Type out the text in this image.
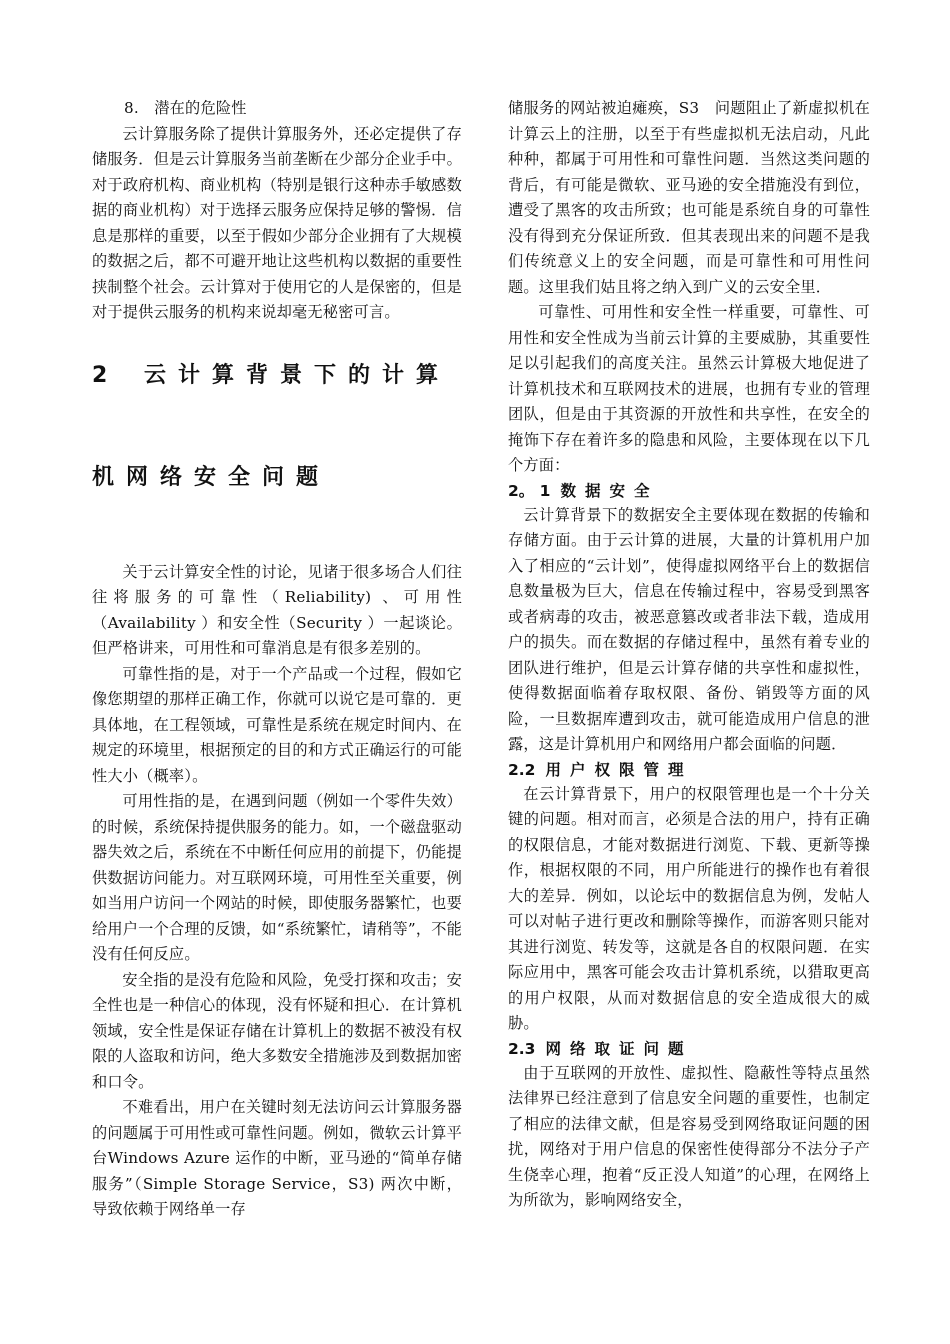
8.　潜在的危险性

云计算服务除了提供计算服务外，还必定提供了存储服务．但是云计算服务当前垄断在少部分企业手中。对于政府机构、商业机构（特别是银行这种赤手敏感数据的商业机构）对于选择云服务应保持足够的警惕．信息是那样的重要，以至于假如少部分企业拥有了大规模的数据之后，都不可避开地让这些机构以数据的重要性挟制整个社会。云计算对于使用它的人是保密的，但是对于提供云服务的机构来说却毫无秘密可言。

2 云计算背景下的计算

机网络安全问题

关于云计算安全性的讨论，见诸于很多场合人们往往将服务的可靠性（Reliability) 、可用性（Availability ）和安全性（Security ）一起谈论。但严格讲来，可用性和可靠消息是有很多差别的。

可靠性指的是，对于一个产品或一个过程，假如它像您期望的那样正确工作，你就可以说它是可靠的．更具体地，在工程领域，可靠性是系统在规定时间内、在规定的环境里，根据预定的目的和方式正确运行的可能性大小（概率）。

可用性指的是，在遇到问题（例如一个零件失效）的时候，系统保持提供服务的能力。如，一个磁盘驱动器失效之后，系统在不中断任何应用的前提下，仍能提供数据访问能力。对互联网环境，可用性至关重要，例如当用户访问一个网站的时候，即使服务器繁忙，也要给用户一个合理的反馈，如“系统繁忙，请稍等”，不能没有任何反应。

安全指的是没有危险和风险，免受打探和攻击；安全性也是一种信心的体现，没有怀疑和担心．在计算机领域，安全性是保证存储在计算机上的数据不被没有权限的人盗取和访问，绝大多数安全措施涉及到数据加密和口令。

不难看出，用户在关键时刻无法访问云计算服务器的问题属于可用性或可靠性问题。例如，微软云计算平台Windows Azure 运作的中断，亚马逊的“简单存储服务”（Simple Storage Service，S3) 两次中断，导致依赖于网络单一存

储服务的网站被迫瘫痪，S3　问题阻止了新虚拟机在计算云上的注册，以至于有些虚拟机无法启动，凡此种种，都属于可用性和可靠性问题．当然这类问题的背后，有可能是微软、亚马逊的安全措施没有到位，遭受了黑客的攻击所致；也可能是系统自身的可靠性没有得到充分保证所致．但其表现出来的问题不是我们传统意义上的安全问题，而是可靠性和可用性问题。这里我们姑且将之纳入到广义的云安全里．

可靠性、可用性和安全性一样重要，可靠性、可用性和安全性成为当前云计算的主要威胁，其重要性足以引起我们的高度关注。虽然云计算极大地促进了计算机技术和互联网技术的进展，也拥有专业的管理团队，但是由于其资源的开放性和共享性，在安全的掩饰下存在着许多的隐患和风险，主要体现在以下几个方面：

2。 1 数据安全

云计算背景下的数据安全主要体现在数据的传输和存储方面。由于云计算的进展，大量的计算机用户加入了相应的“云计划”，使得虚拟网络平台上的数据信息数量极为巨大，信息在传输过程中，容易受到黑客或者病毒的攻击，被恶意篡改或者非法下载，造成用户的损失。而在数据的存储过程中，虽然有着专业的团队进行维护，但是云计算存储的共享性和虚拟性，使得数据面临着存取权限、备份、销毁等方面的风险，一旦数据库遭到攻击，就可能造成用户信息的泄露，这是计算机用户和网络用户都会面临的问题．

2.2 用户权限管理

在云计算背景下，用户的权限管理也是一个十分关键的问题。相对而言，必须是合法的用户，持有正确的权限信息，才能对数据进行浏览、下载、更新等操作，根据权限的不同，用户所能进行的操作也有着很大的差异．例如，以论坛中的数据信息为例，发帖人可以对帖子进行更改和删除等操作，而游客则只能对其进行浏览、转发等，这就是各自的权限问题．在实际应用中，黑客可能会攻击计算机系统，以猎取更高的用户权限，从而对数据信息的安全造成很大的威胁。

2.3 网络取证问题

由于互联网的开放性、虚拟性、隐蔽性等特点虽然法律界已经注意到了信息安全问题的重要性，也制定了相应的法律文献，但是容易受到网络取证问题的困扰，网络对于用户信息的保密性使得部分不法分子产生侥幸心理，抱着“反正没人知道”的心理，在网络上为所欲为，影响网络安全，
